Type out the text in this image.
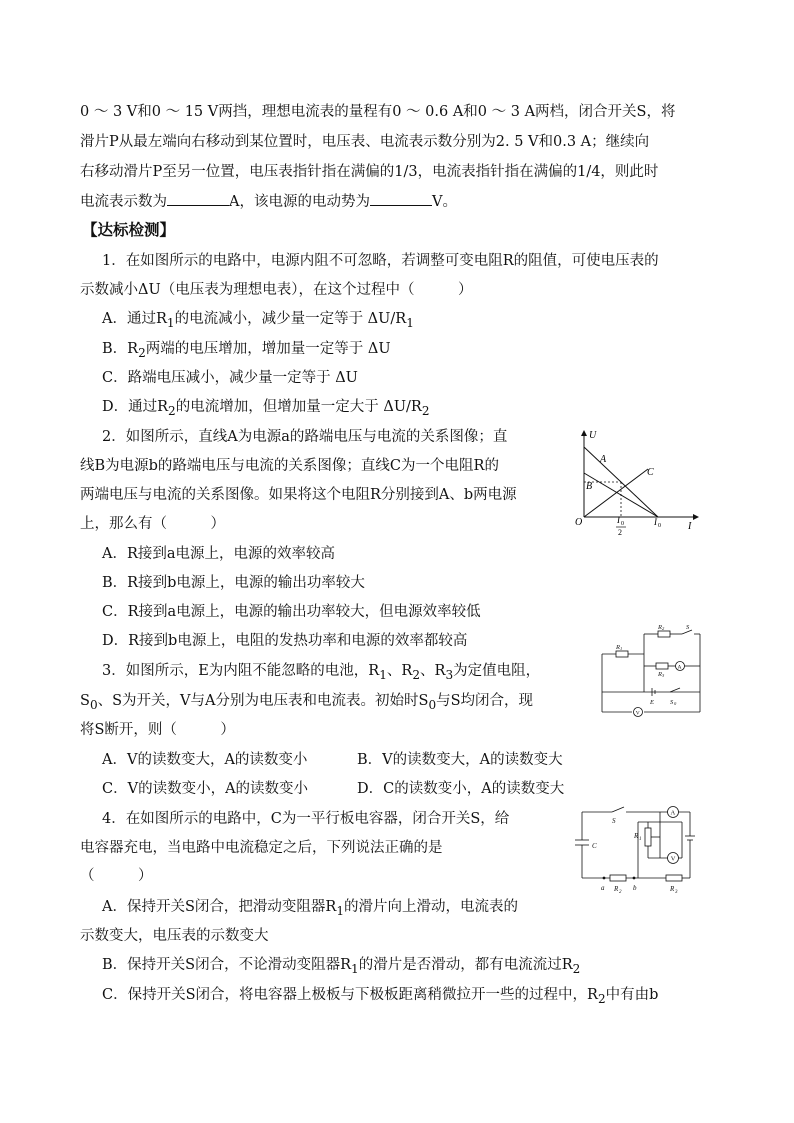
0 ～ 3 V和0 ～ 15 V两挡，理想电流表的量程有0 ～ 0.6 A和0 ～ 3 A两档，闭合开关S，将
滑片P从最左端向右移动到某位置时，电压表、电流表示数分别为2. 5 V和0.3 A；继续向
右移动滑片P至另一位置，电压表指针指在满偏的1/3，电流表指针指在满偏的1/4，则此时
电流表示数为	A，该电源的电动势为	V。
【达标检测】
1．在如图所示的电路中，电源内阻不可忽略，若调整可变电阻R的阻值，可使电压表的
示数减小ΔU（电压表为理想电表），在这个过程中（　　　）
A．通过$R_1$的电流减小，减少量一定等于 $\Delta U/R_1$
B．$R_2$两端的电压增加，增加量一定等于 ΔU
C．路端电压减小，减少量一定等于 ΔU
D．通过$R_2$的电流增加，但增加量一定大于 $\Delta U/R_2$
2．如图所示，直线A为电源a的路端电压与电流的关系图像；直
线B为电源b的路端电压与电流的关系图像；直线C为一个电阻R的
两端电压与电流的关系图像。如果将这个电阻R分别接到A、b两电源
上，那么有（　　　）
A．R接到a电源上，电源的效率较高
B．R接到b电源上，电源的输出功率较大
C．R接到a电源上，电源的输出功率较大，但电源效率较低
D．R接到b电源上，电阻的发热功率和电源的效率都较高
U
I
O
A
B
C
I 0
2
I 0
3．如图所示，E为内阻不能忽略的电池，$R_1$、$R_2$、$R_3$为定值电阻，
$S_0$、S为开关，V与A分别为电压表和电流表。初始时$S_0$与S均闭合，现
将S断开，则（　　　）
A．V的读数变大，A的读数变小	B．V的读数变大，A的读数变大
C．V的读数变小，A的读数变小	D．C的读数变小，A的读数变大
R 1
R 2
R 3
S
E S 0
A
V
4．在如图所示的电路中，C为一平行板电容器，闭合开关S，给
电容器充电，当电路中电流稳定之后，下列说法正确的是
（　　　）
A．保持开关S闭合，把滑动变阻器$R_1$的滑片向上滑动，电流表的
示数变大，电压表的示数变大
B．保持开关S闭合，不论滑动变阻器$R_1$的滑片是否滑动，都有电流流过$R_2$
C．保持开关S闭合，将电容器上极板与下极板距离稍微拉开一些的过程中，$R_2$中有由b
S
C
R 1
R 2	R 3
a	b
A
V
